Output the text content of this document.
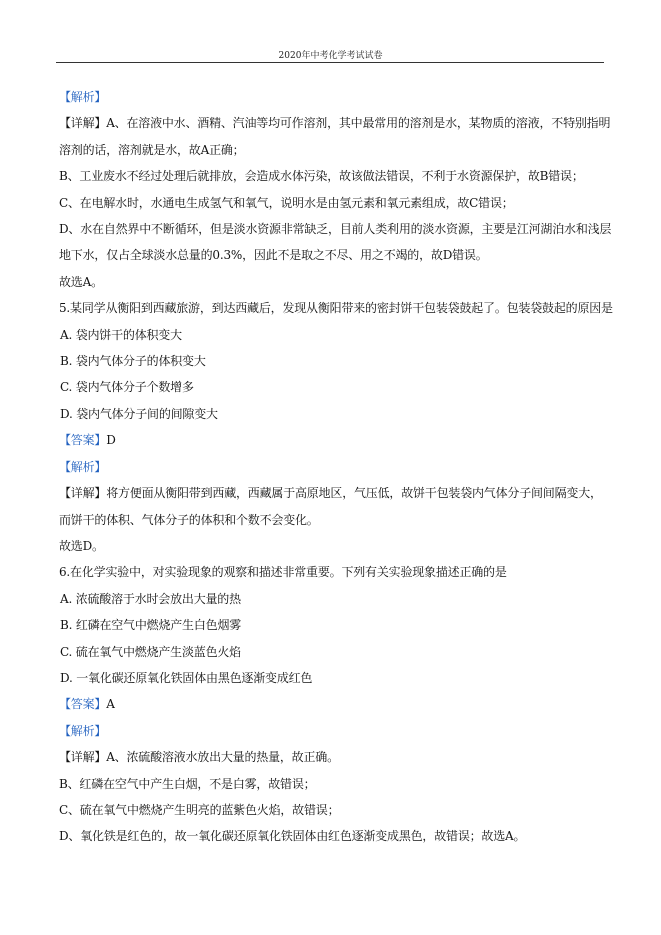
2020年中考化学考试试卷
【解析】
【详解】A、在溶液中水、酒精、汽油等均可作溶剂，其中最常用的溶剂是水，某物质的溶液，不特别指明
溶剂的话，溶剂就是水，故A正确；
B、工业废水不经过处理后就排放，会造成水体污染，故该做法错误，不利于水资源保护，故B错误；
C、在电解水时，水通电生成氢气和氧气，说明水是由氢元素和氧元素组成，故C错误；
D、水在自然界中不断循环，但是淡水资源非常缺乏，目前人类利用的淡水资源，主要是江河湖泊水和浅层
地下水，仅占全球淡水总量的0.3%，因此不是取之不尽、用之不竭的，故D错误。
故选A。
5.某同学从衡阳到西藏旅游，到达西藏后，发现从衡阳带来的密封饼干包装袋鼓起了。包装袋鼓起的原因是
A. 袋内饼干的体积变大
B. 袋内气体分子的体积变大
C. 袋内气体分子个数增多
D. 袋内气体分子间的间隙变大
【答案】D
【解析】
【详解】将方便面从衡阳带到西藏，西藏属于高原地区，气压低，故饼干包装袋内气体分子间间隔变大，
而饼干的体积、气体分子的体积和个数不会变化。
故选D。
6.在化学实验中，对实验现象的观察和描述非常重要。下列有关实验现象描述正确的是
A. 浓硫酸溶于水时会放出大量的热
B. 红磷在空气中燃烧产生白色烟雾
C. 硫在氧气中燃烧产生淡蓝色火焰
D. 一氧化碳还原氧化铁固体由黑色逐渐变成红色
【答案】A
【解析】
【详解】A、浓硫酸溶液水放出大量的热量，故正确。
B、红磷在空气中产生白烟，不是白雾，故错误；
C、硫在氧气中燃烧产生明亮的蓝紫色火焰，故错误；
D、氧化铁是红色的，故一氧化碳还原氧化铁固体由红色逐渐变成黑色，故错误；故选A。
